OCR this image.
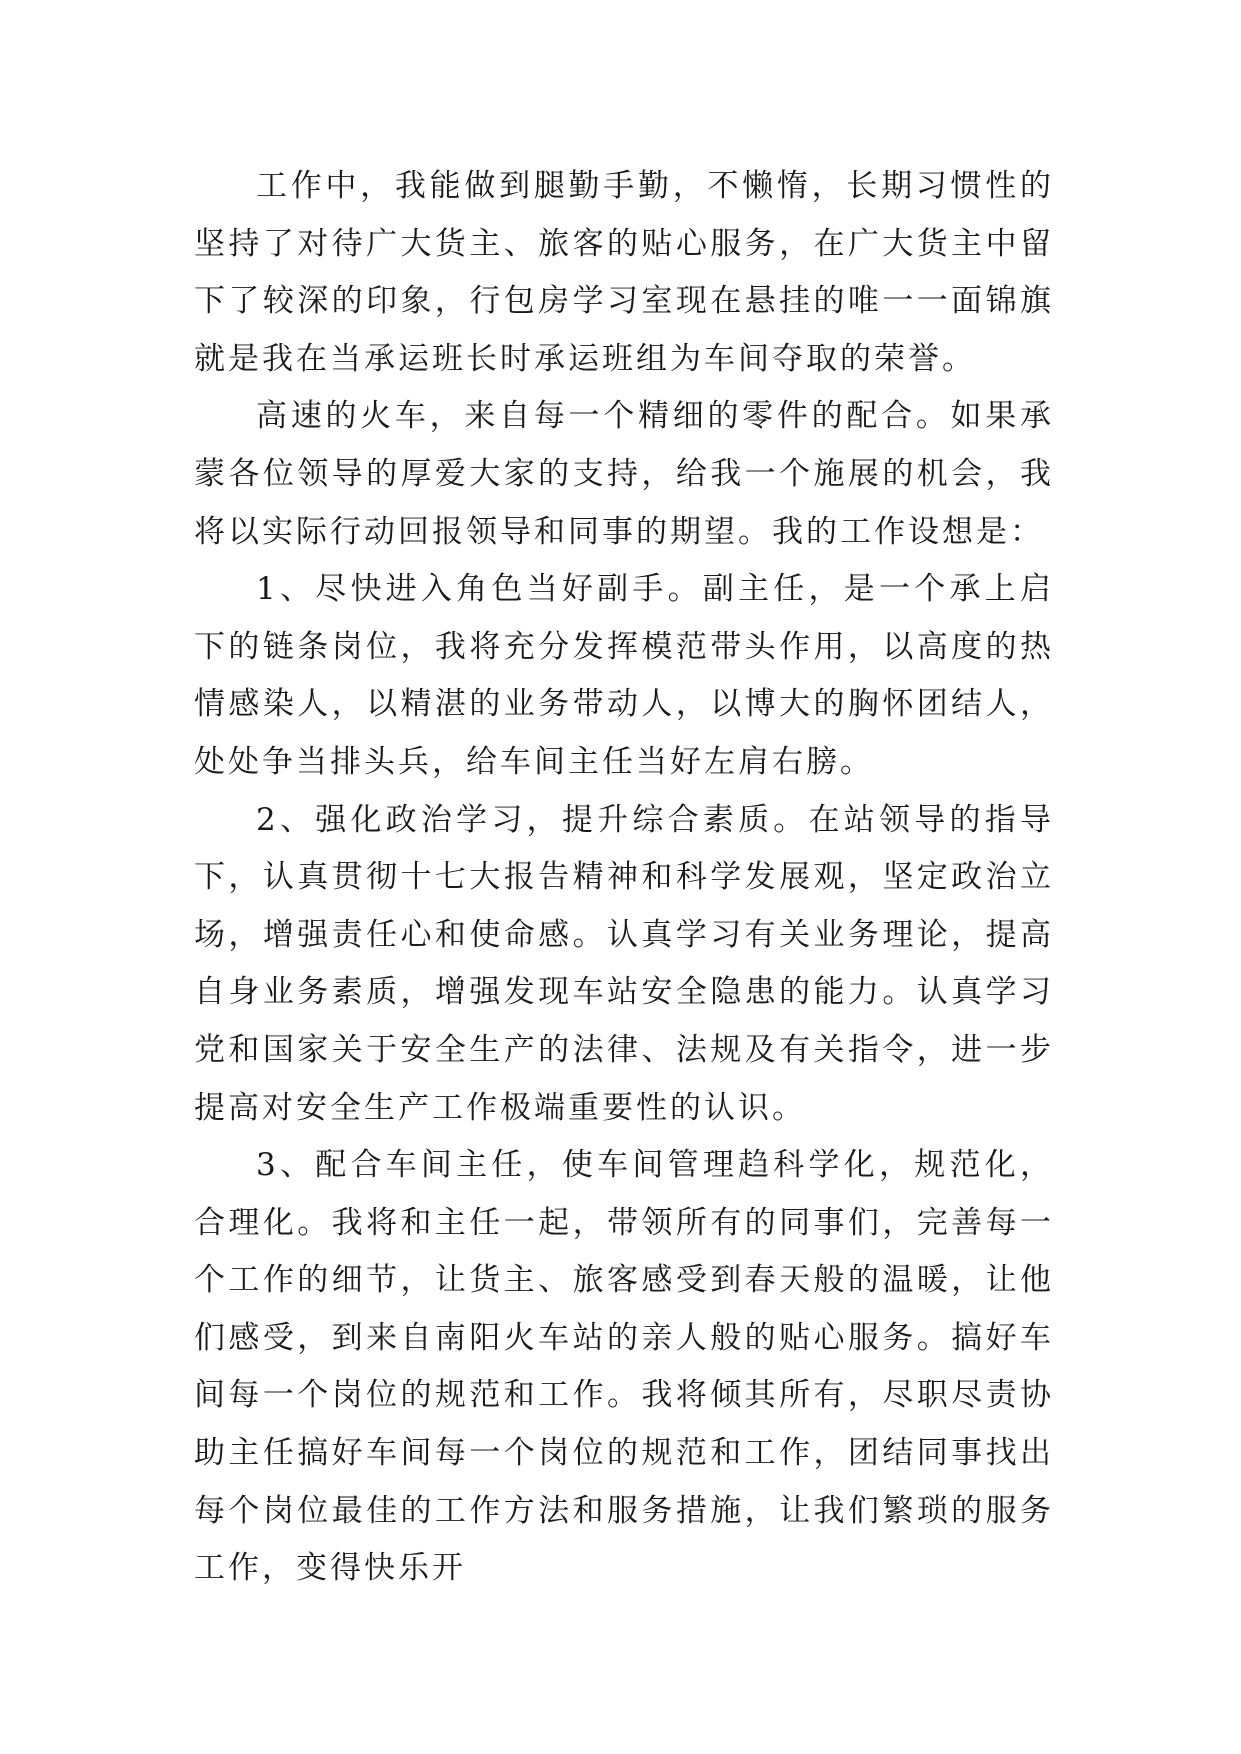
工作中，我能做到腿勤手勤，不懒惰，长期习惯性的坚持了对待广大货主、旅客的贴心服务，在广大货主中留下了较深的印象，行包房学习室现在悬挂的唯一一面锦旗就是我在当承运班长时承运班组为车间夺取的荣誉。

高速的火车，来自每一个精细的零件的配合。如果承蒙各位领导的厚爱大家的支持，给我一个施展的机会，我将以实际行动回报领导和同事的期望。我的工作设想是：

1、尽快进入角色当好副手。副主任，是一个承上启下的链条岗位，我将充分发挥模范带头作用，以高度的热情感染人，以精湛的业务带动人，以博大的胸怀团结人，处处争当排头兵，给车间主任当好左肩右膀。

2、强化政治学习，提升综合素质。在站领导的指导下，认真贯彻十七大报告精神和科学发展观，坚定政治立场，增强责任心和使命感。认真学习有关业务理论，提高自身业务素质，增强发现车站安全隐患的能力。认真学习党和国家关于安全生产的法律、法规及有关指令，进一步提高对安全生产工作极端重要性的认识。

3、配合车间主任，使车间管理趋科学化，规范化，合理化。我将和主任一起，带领所有的同事们，完善每一个工作的细节，让货主、旅客感受到春天般的温暖，让他们感受，到来自南阳火车站的亲人般的贴心服务。搞好车间每一个岗位的规范和工作。我将倾其所有，尽职尽责协助主任搞好车间每一个岗位的规范和工作，团结同事找出每个岗位最佳的工作方法和服务措施，让我们繁琐的服务工作，变得快乐开
